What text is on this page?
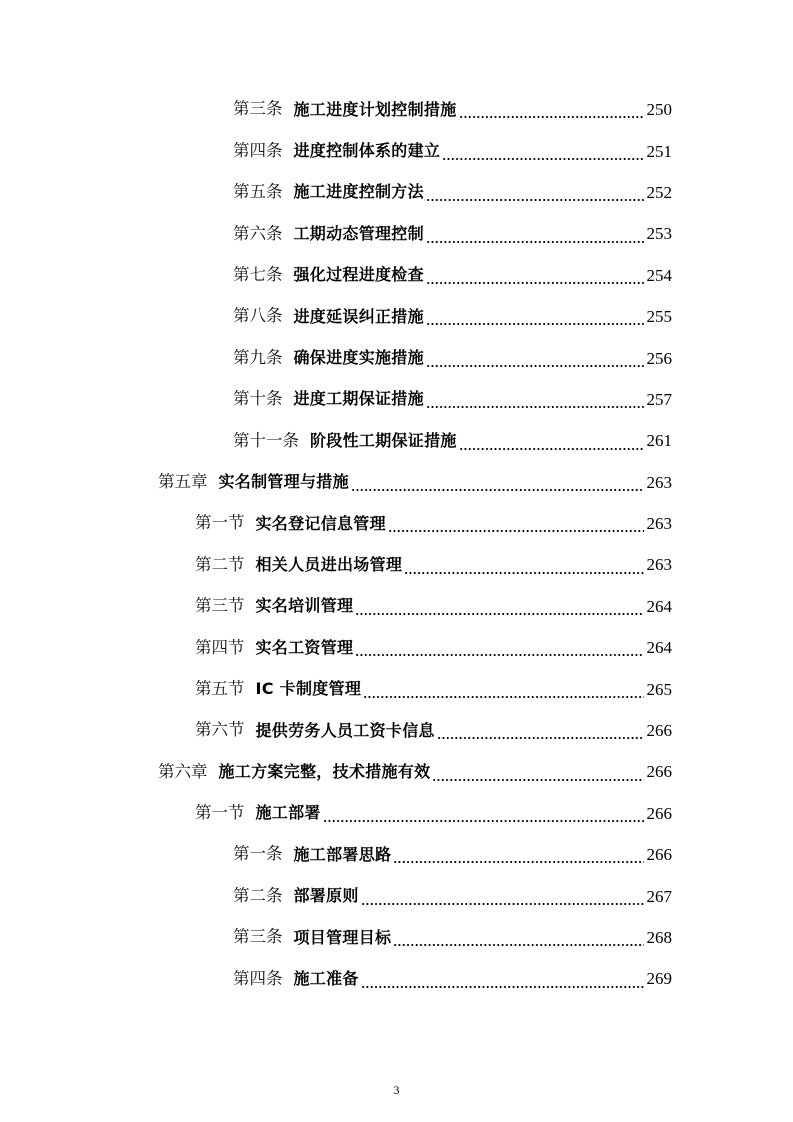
第三条 施工进度计划控制措施	250
第四条 进度控制体系的建立	251
第五条 施工进度控制方法	252
第六条 工期动态管理控制	253
第七条 强化过程进度检查	254
第八条 进度延误纠正措施	255
第九条 确保进度实施措施	256
第十条 进度工期保证措施	257
第十一条 阶段性工期保证措施	261
第五章 实名制管理与措施	263
第一节 实名登记信息管理	263
第二节 相关人员进出场管理	263
第三节 实名培训管理	264
第四节 实名工资管理	264
第五节 IC 卡制度管理	265
第六节 提供劳务人员工资卡信息	266
第六章 施工方案完整，技术措施有效	266
第一节 施工部署	266
第一条 施工部署思路	266
第二条 部署原则	267
第三条 项目管理目标	268
第四条 施工准备	269
3
